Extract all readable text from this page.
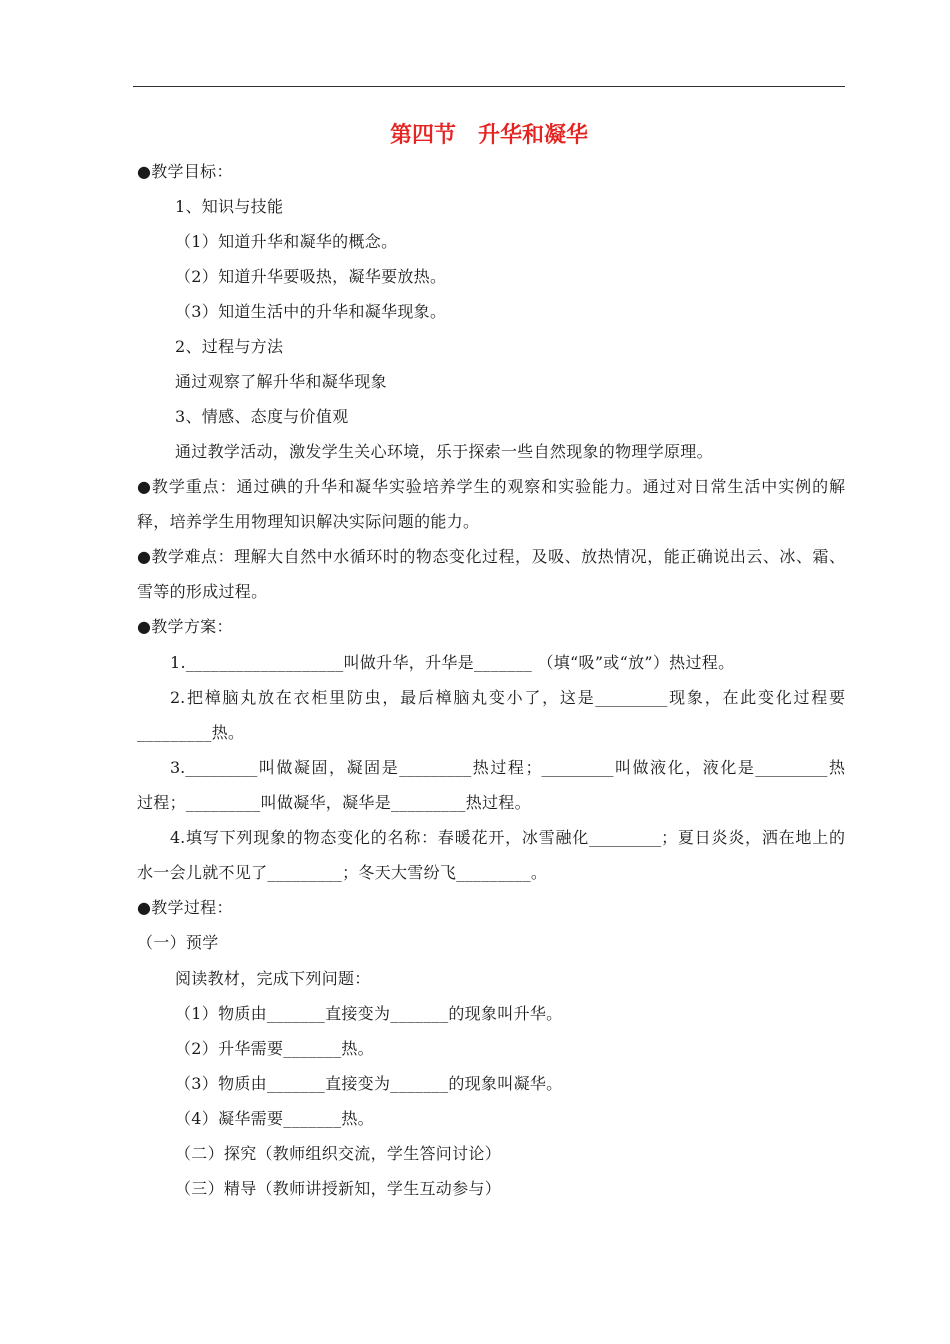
第四节　升华和凝华
●教学目标：
1、知识与技能
（1）知道升华和凝华的概念。
（2）知道升华要吸热，凝华要放热。
（3）知道生活中的升华和凝华现象。
2、过程与方法
通过观察了解升华和凝华现象
3、情感、态度与价值观
通过教学活动，激发学生关心环境，乐于探索一些自然现象的物理学原理。
●教学重点：通过碘的升华和凝华实验培养学生的观察和实验能力。通过对日常生活中实例的解
释，培养学生用物理知识解决实际问题的能力。
●教学难点：理解大自然中水循环时的物态变化过程，及吸、放热情况，能正确说出云、冰、霜、
雪等的形成过程。
●教学方案：
1.___________________叫做升华，升华是_______ （填“吸”或“放”）热过程。
2.把樟脑丸放在衣柜里防虫，最后樟脑丸变小了，这是_________现象，在此变化过程要
_________热。
3._________叫做凝固，凝固是_________热过程；_________叫做液化，液化是_________热
过程；_________叫做凝华，凝华是_________热过程。
4.填写下列现象的物态变化的名称：春暖花开，冰雪融化_________；夏日炎炎，洒在地上的
水一会儿就不见了_________；冬天大雪纷飞_________。
●教学过程：
（一）预学
阅读教材，完成下列问题：
（1）物质由_______直接变为_______的现象叫升华。
（2）升华需要_______热。
（3）物质由_______直接变为_______的现象叫凝华。
（4）凝华需要_______热。
（二）探究（教师组织交流，学生答问讨论）
（三）精导（教师讲授新知，学生互动参与）
